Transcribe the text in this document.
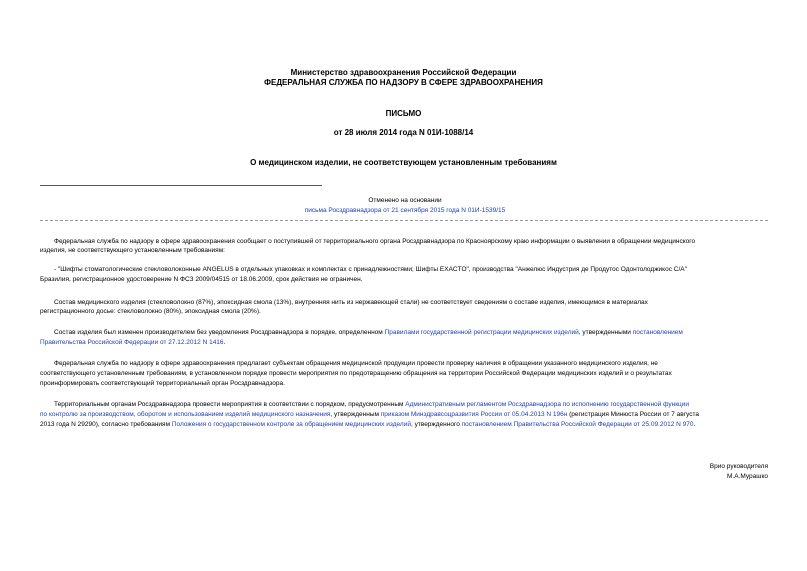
Министерство здравоохранения Российской Федерации
ФЕДЕРАЛЬНАЯ СЛУЖБА ПО НАДЗОРУ В СФЕРЕ ЗДРАВООХРАНЕНИЯ
ПИСЬМО
от 28 июля 2014 года N 01И-1088/14
О медицинском изделии, не соответствующем установленным требованиям
Отменено на основании
письма Росздравнадзора от 21 сентября 2015 года N 01И-1539/15
Федеральная служба по надзору в сфере здравоохранения сообщает о поступившей от территориального органа Росздравнадзора по Красноярскому краю информации о выявлении в обращении медицинского
изделия, не соответствующего установленным требованиям:
- "Шифты стоматологические стекловолоконные ANGELUS в отдельных упаковках и комплектах с принадлежностями; Шифты EXACTO", производства "Анжелюс Индустрия де Продутос Одонтолоджикос С/А"
Бразилия, регистрационное удостоверение N ФСЗ 2009/04515 от 18.06.2009, срок действия не ограничен.
Состав медицинского изделия (стекловолокно (87%), эпоксидная смола (13%), внутренняя нить из нержавеющей стали) не соответствует сведениям о составе изделия, имеющимся в материалах
регистрационного досье: стекловолокно (80%), эпоксидная смола (20%).
Состав изделия был изменен производителем без уведомления Росздравнадзора в порядке, определенном Правилами государственной регистрации медицинских изделий, утвержденными постановлением
Правительства Российской Федерации от 27.12.2012 N 1416.
Федеральная служба по надзору в сфере здравоохранения предлагает субъектам обращения медицинской продукции провести проверку наличия в обращении указанного медицинского изделия, не
соответствующего установленным требованиям, в установленном порядке провести мероприятия по предотвращению обращения на территории Российской Федерации медицинских изделий и о результатах
проинформировать соответствующий территориальный орган Росздравнадзора.
Территориальным органам Росздравнадзора провести мероприятия в соответствии с порядком, предусмотренным Административным регламентом Росздравнадзора по исполнению государственной функции
по контролю за производством, оборотом и использованием изделий медицинского назначения, утвержденным приказом Минздравсоцразвития России от 05.04.2013 N 196н (регистрация Минюста России от 7 августа
2013 года N 29290), согласно требованиям Положения о государственном контроле за обращением медицинских изделий, утвержденного постановлением Правительства Российской Федерации от 25.09.2012 N 970.
Врио руководителя
М.А.Мурашко
